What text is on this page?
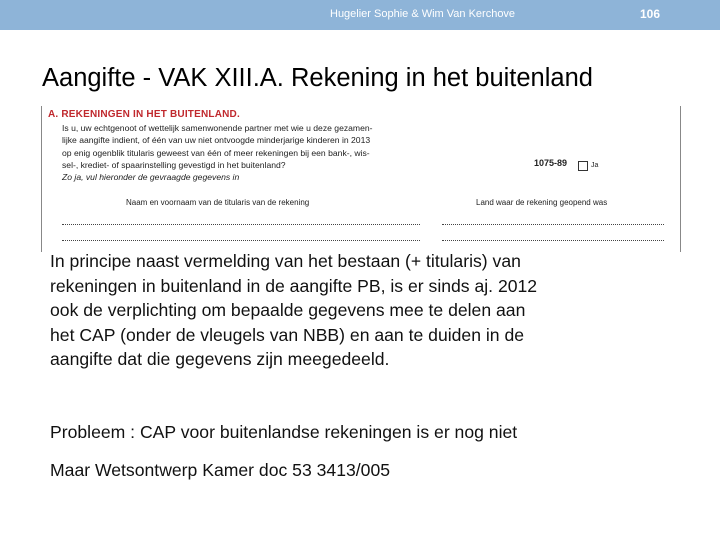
Hugelier Sophie & Wim Van Kerchove	106
Aangifte - VAK XIII.A. Rekening in het buitenland
A. REKENINGEN IN HET BUITENLAND.

Is u, uw echtgenoot of wettelijk samenwonende partner met wie u deze gezamen-
lijke aangifte indient, of één van uw niet ontvoogde minderjarige kinderen in 2013
op enig ogenblik titularis geweest van één of meer rekeningen bij een bank-, wis-
sel-, krediet- of spaarinstelling gevestigd in het buitenland?
Zo ja, vul hieronder de gevraagde gegevens in

1075-89	Ja
Naam en voornaam van de titularis van de rekening	Land waar de rekening geopend was

In principe naast vermelding van het bestaan (+ titularis) van
rekeningen in buitenland in de aangifte PB, is er sinds aj. 2012
ook de verplichting om bepaalde gegevens mee te delen aan
het CAP (onder de vleugels van NBB) en aan te duiden in de
aangifte dat die gegevens zijn meegedeeld.

Probleem : CAP voor buitenlandse rekeningen is er nog niet
Maar Wetsontwerp Kamer doc 53 3413/005
